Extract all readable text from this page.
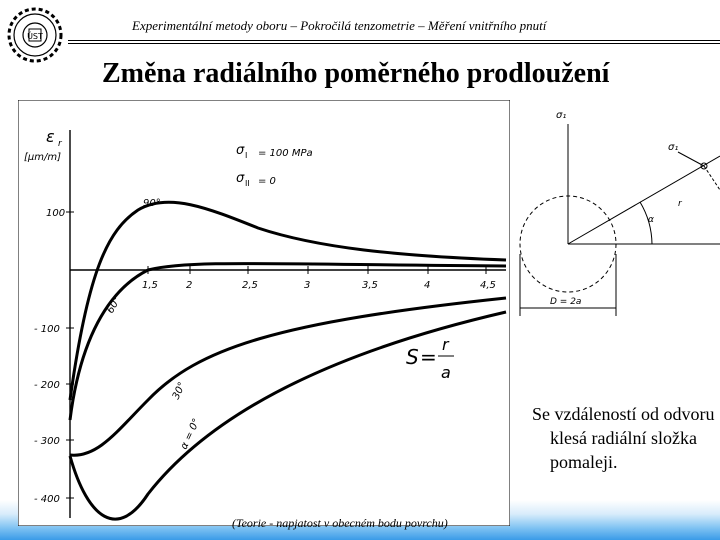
ÚST
Experimentální metody oboru – Pokročilá tenzometrie – Měření vnitřního pnutí
Změna radiálního poměrného prodloužení
1,5	2	2,5	3	3,5	4	4,5
100
- 100
- 200
- 300
- 400
ε r
[μm/m]	σ I = 100 MPa
σ II = 0
90°
60°
30°
α = 0°
S =
r
a
(Teorie - napjatost v obecném bodu povrchu)
σ₁
σ₁
r
α
D = 2a
Se vzdáleností od odvoru klesá radiální složka pomaleji.
